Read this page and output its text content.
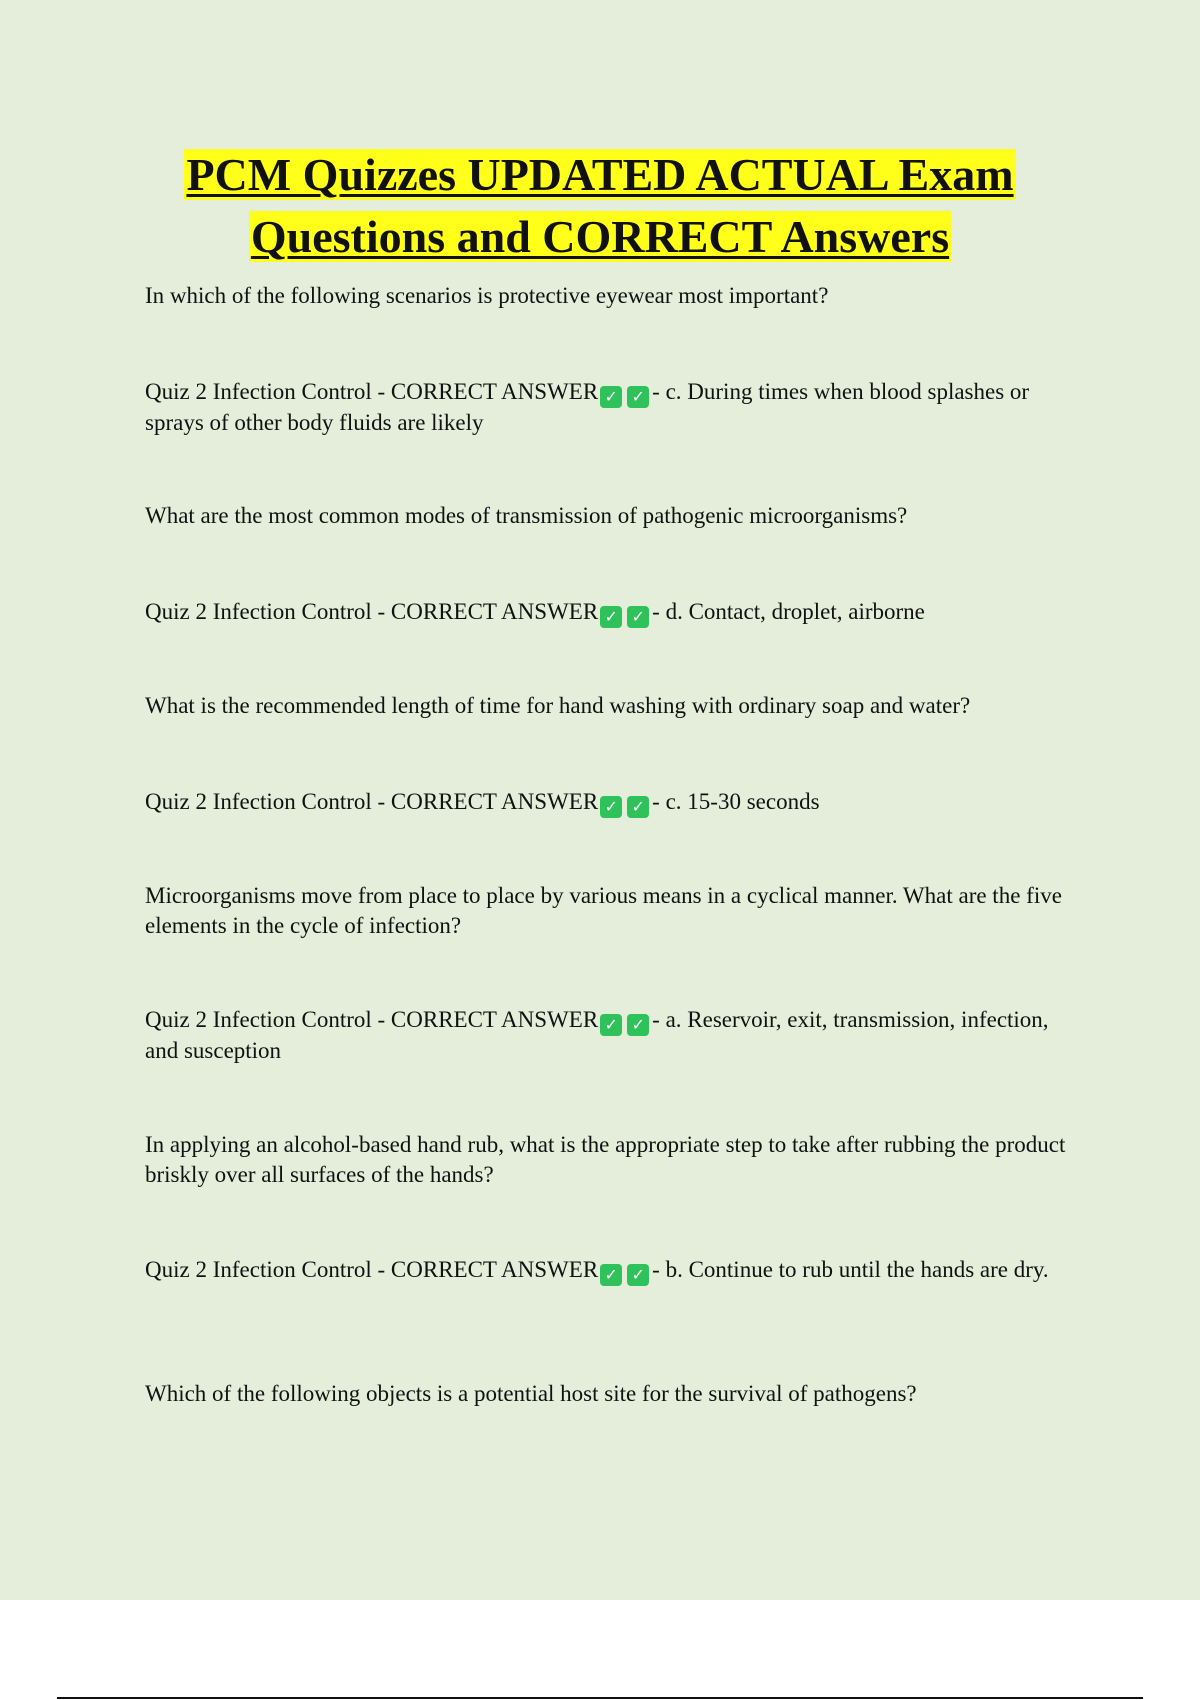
PCM Quizzes UPDATED ACTUAL Exam
Questions and CORRECT Answers
In which of the following scenarios is protective eyewear most important?
Quiz 2 Infection Control - CORRECT ANSWER ✓ ✓ - c. During times when blood splashes or sprays of other body fluids are likely
What are the most common modes of transmission of pathogenic microorganisms?
Quiz 2 Infection Control - CORRECT ANSWER ✓ ✓ - d. Contact, droplet, airborne
What is the recommended length of time for hand washing with ordinary soap and water?
Quiz 2 Infection Control - CORRECT ANSWER ✓ ✓ - c. 15-30 seconds
Microorganisms move from place to place by various means in a cyclical manner. What are the five elements in the cycle of infection?
Quiz 2 Infection Control - CORRECT ANSWER ✓ ✓ - a. Reservoir, exit, transmission, infection, and susception
In applying an alcohol-based hand rub, what is the appropriate step to take after rubbing the product briskly over all surfaces of the hands?
Quiz 2 Infection Control - CORRECT ANSWER ✓ ✓ - b. Continue to rub until the hands are dry.
Which of the following objects is a potential host site for the survival of pathogens?
